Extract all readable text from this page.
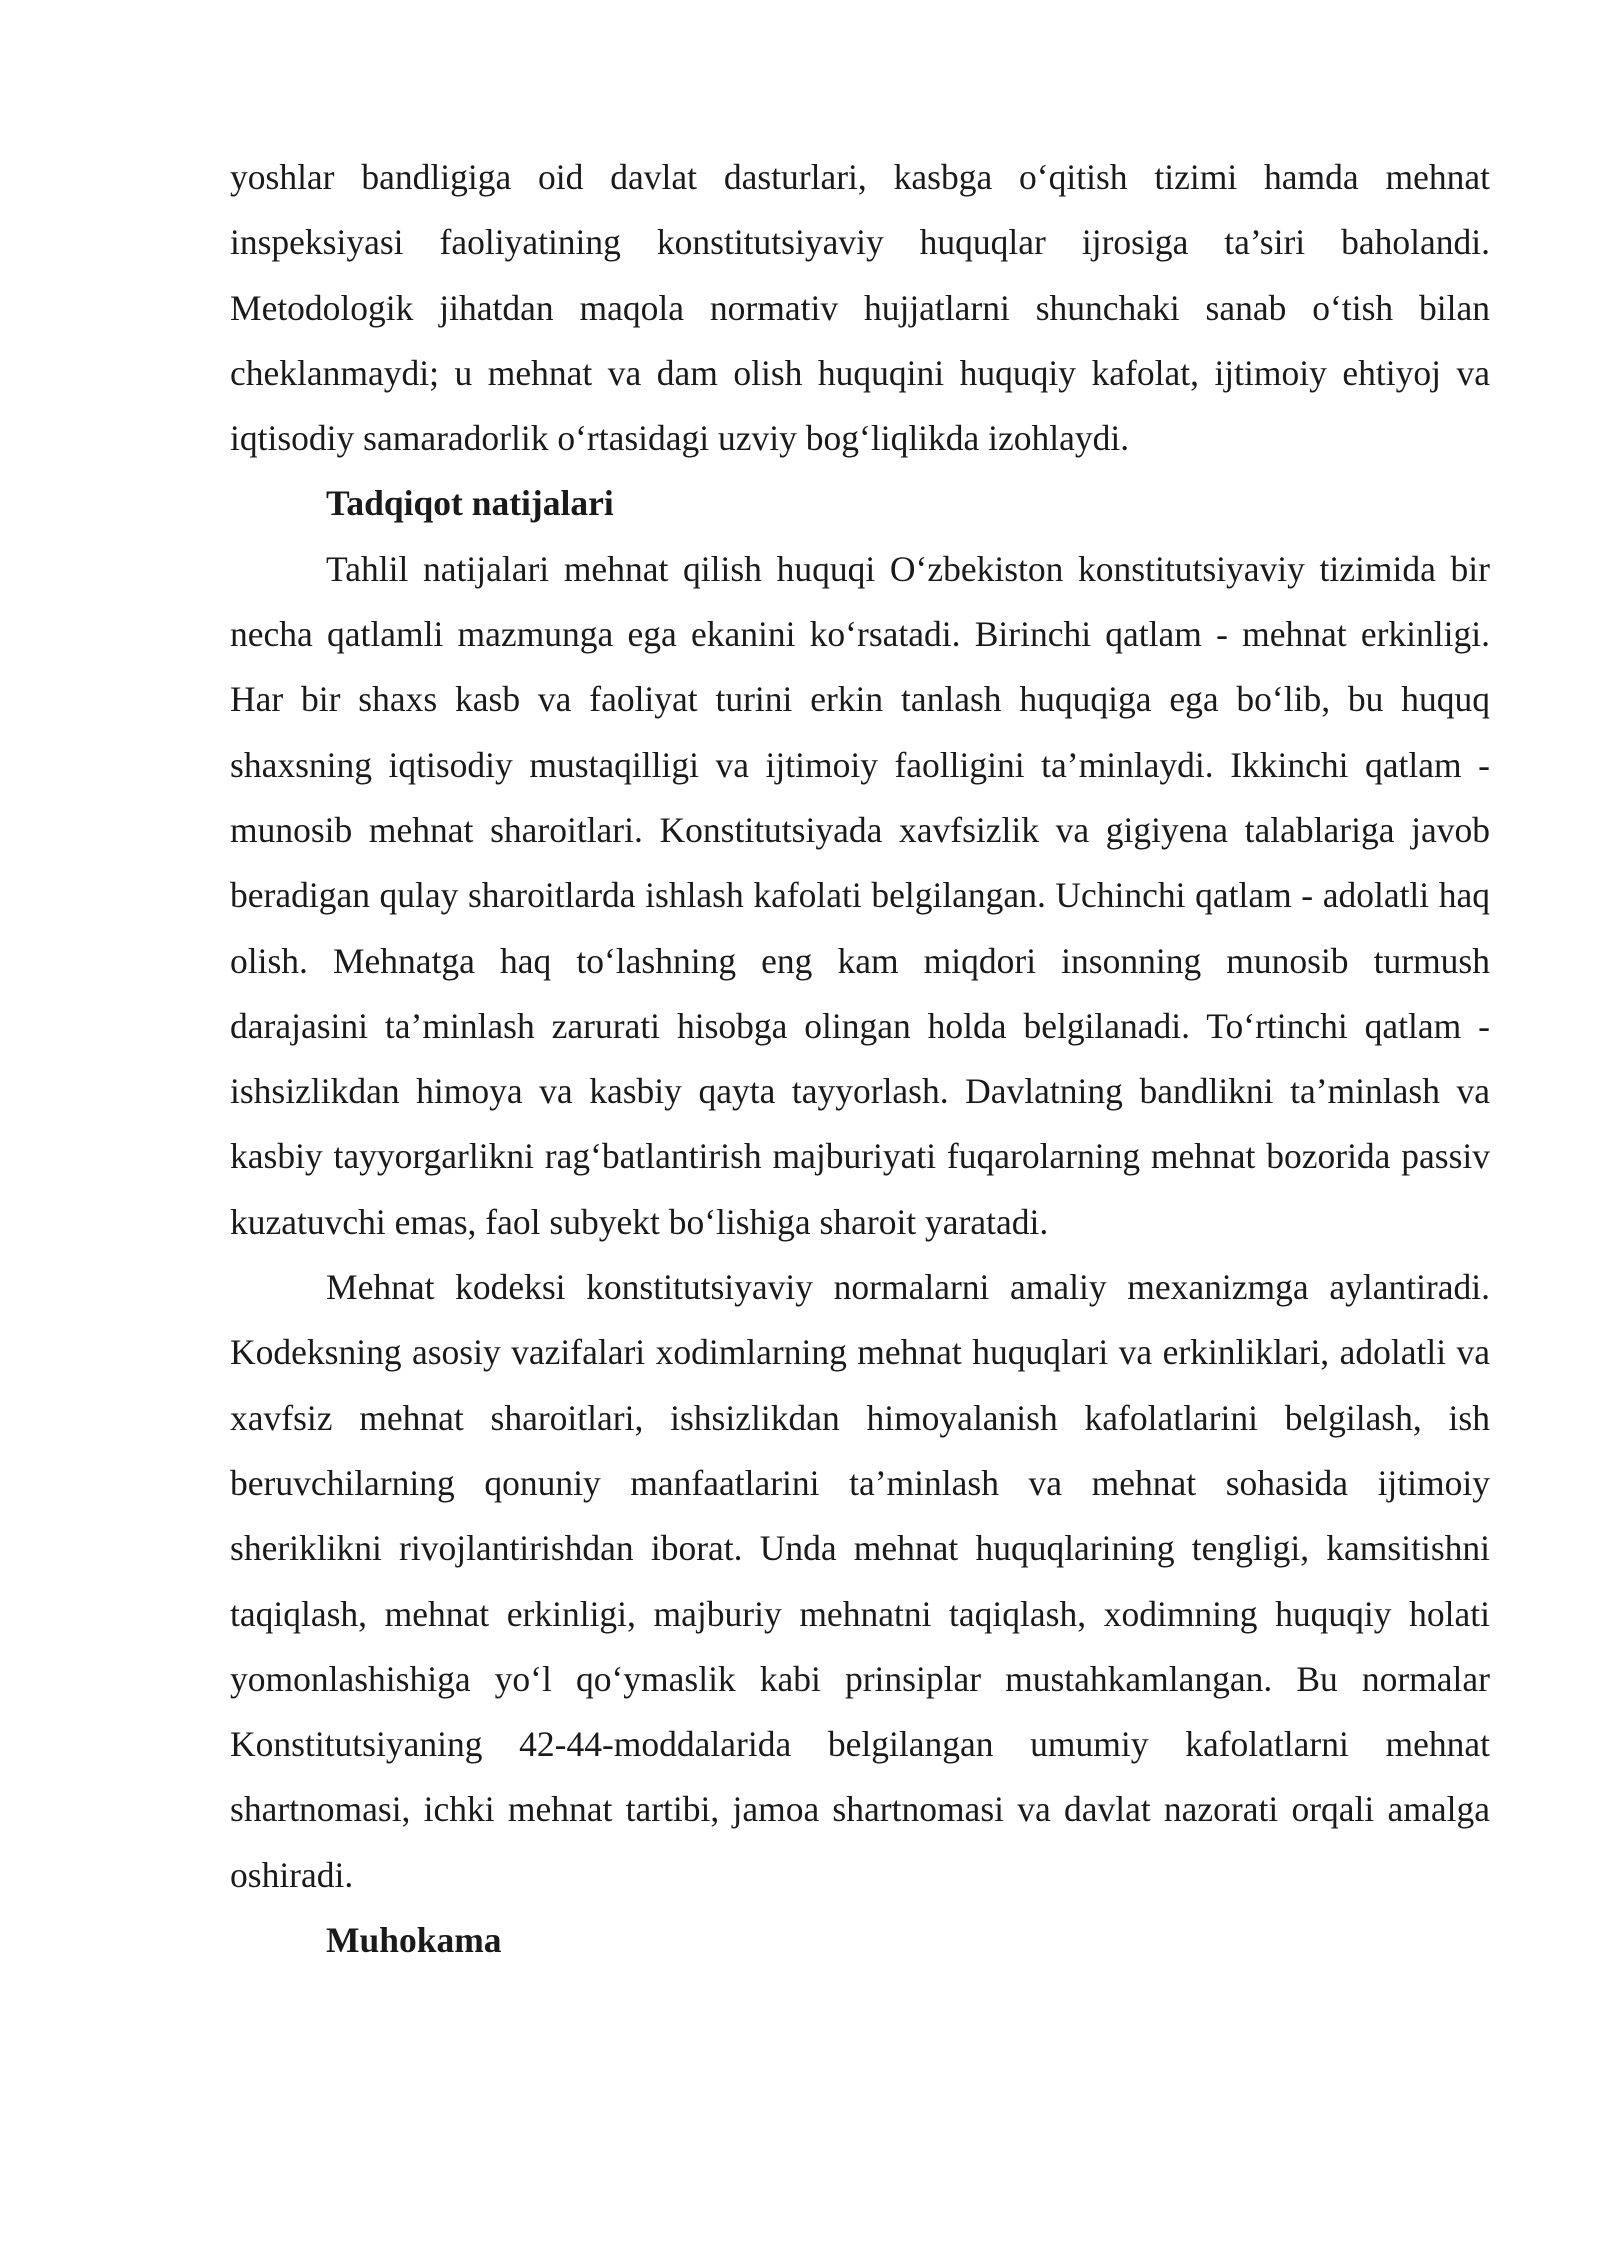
yoshlar bandligiga oid davlat dasturlari, kasbga o‘qitish tizimi hamda mehnat inspeksiyasi faoliyatining konstitutsiyaviy huquqlar ijrosiga ta’siri baholandi. Metodologik jihatdan maqola normativ hujjatlarni shunchaki sanab o‘tish bilan cheklanmaydi; u mehnat va dam olish huquqini huquqiy kafolat, ijtimoiy ehtiyoj va iqtisodiy samaradorlik o‘rtasidagi uzviy bog‘liqlikda izohlaydi.

Tadqiqot natijalari

Tahlil natijalari mehnat qilish huquqi O‘zbekiston konstitutsiyaviy tizimida bir necha qatlamli mazmunga ega ekanini ko‘rsatadi. Birinchi qatlam - mehnat erkinligi. Har bir shaxs kasb va faoliyat turini erkin tanlash huquqiga ega bo‘lib, bu huquq shaxsning iqtisodiy mustaqilligi va ijtimoiy faolligini ta’minlaydi. Ikkinchi qatlam - munosib mehnat sharoitlari. Konstitutsiyada xavfsizlik va gigiyena talablariga javob beradigan qulay sharoitlarda ishlash kafolati belgilangan. Uchinchi qatlam - adolatli haq olish. Mehnatga haq to‘lashning eng kam miqdori insonning munosib turmush darajasini ta’minlash zarurati hisobga olingan holda belgilanadi. To‘rtinchi qatlam - ishsizlikdan himoya va kasbiy qayta tayyorlash. Davlatning bandlikni ta’minlash va kasbiy tayyorgarlikni rag‘batlantirish majburiyati fuqarolarning mehnat bozorida passiv kuzatuvchi emas, faol subyekt bo‘lishiga sharoit yaratadi.

Mehnat kodeksi konstitutsiyaviy normalarni amaliy mexanizmga aylantiradi. Kodeksning asosiy vazifalari xodimlarning mehnat huquqlari va erkinliklari, adolatli va xavfsiz mehnat sharoitlari, ishsizlikdan himoyalanish kafolatlarini belgilash, ish beruvchilarning qonuniy manfaatlarini ta’minlash va mehnat sohasida ijtimoiy sheriklikni rivojlantirishdan iborat. Unda mehnat huquqlarining tengligi, kamsitishni taqiqlash, mehnat erkinligi, majburiy mehnatni taqiqlash, xodimning huquqiy holati yomonlashishiga yo‘l qo‘ymaslik kabi prinsiplar mustahkamlangan. Bu normalar Konstitutsiyaning 42-44-moddalarida belgilangan umumiy kafolatlarni mehnat shartnomasi, ichki mehnat tartibi, jamoa shartnomasi va davlat nazorati orqali amalga oshiradi.

Muhokama
